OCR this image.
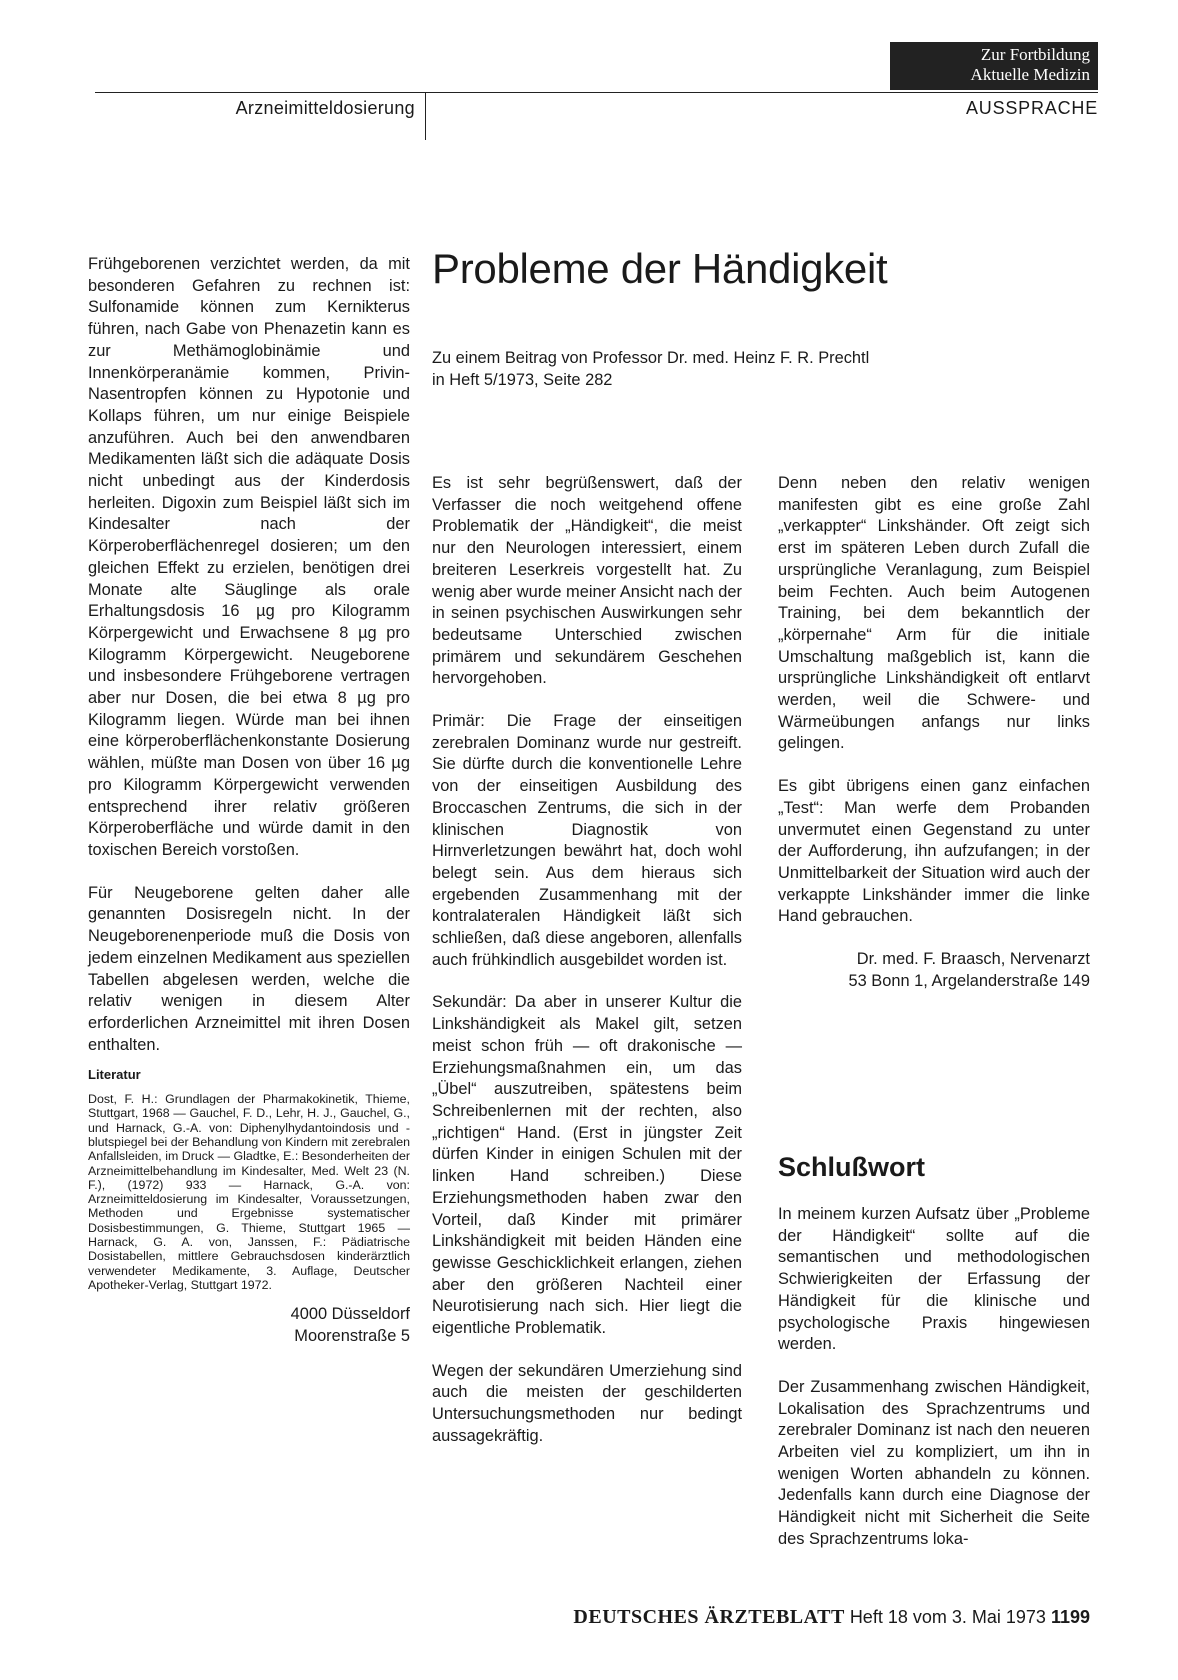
Zur Fortbildung
Aktuelle Medizin
Arzneimitteldosierung	AUSSPRACHE

Frühgeborenen verzichtet werden, da mit besonderen Gefahren zu rechnen ist: Sulfonamide können zum Kernikterus führen, nach Gabe von Phenazetin kann es zur Methämoglobinämie und Innenkörperanämie kommen, Privin-Nasentropfen können zu Hypotonie und Kollaps führen, um nur einige Beispiele anzuführen. Auch bei den anwendbaren Medikamenten läßt sich die adäquate Dosis nicht unbedingt aus der Kinderdosis herleiten. Digoxin zum Beispiel läßt sich im Kindesalter nach der Körperoberflächenregel dosieren; um den gleichen Effekt zu erzielen, benötigen drei Monate alte Säuglinge als orale Erhaltungsdosis 16 µg pro Kilogramm Körpergewicht und Erwachsene 8 µg pro Kilogramm Körpergewicht. Neugeborene und insbesondere Frühgeborene vertragen aber nur Dosen, die bei etwa 8 µg pro Kilogramm liegen. Würde man bei ihnen eine körperoberflächenkonstante Dosierung wählen, müßte man Dosen von über 16 µg pro Kilogramm Körpergewicht verwenden entsprechend ihrer relativ größeren Körperoberfläche und würde damit in den toxischen Bereich vorstoßen.

Für Neugeborene gelten daher alle genannten Dosisregeln nicht. In der Neugeborenenperiode muß die Dosis von jedem einzelnen Medikament aus speziellen Tabellen abgelesen werden, welche die relativ wenigen in diesem Alter erforderlichen Arzneimittel mit ihren Dosen enthalten.

Literatur
Dost, F. H.: Grundlagen der Pharmakokinetik, Thieme, Stuttgart, 1968 — Gauchel, F. D., Lehr, H. J., Gauchel, G., und Harnack, G.-A. von: Diphenylhydantoindosis und -blutspiegel bei der Behandlung von Kindern mit zerebralen Anfallsleiden, im Druck — Gladtke, E.: Besonderheiten der Arzneimittelbehandlung im Kindesalter, Med. Welt 23 (N. F.), (1972) 933 — Harnack, G.-A. von: Arzneimitteldosierung im Kindesalter, Voraussetzungen, Methoden und Ergebnisse systematischer Dosisbestimmungen, G. Thieme, Stuttgart 1965 — Harnack, G. A. von, Janssen, F.: Pädiatrische Dosistabellen, mittlere Gebrauchsdosen kinderärztlich verwendeter Medikamente, 3. Auflage, Deutscher Apotheker-Verlag, Stuttgart 1972.
4000 Düsseldorf
Moorenstraße 5
Probleme der Händigkeit
Zu einem Beitrag von Professor Dr. med. Heinz F. R. Prechtl
in Heft 5/1973, Seite 282

Es ist sehr begrüßenswert, daß der Verfasser die noch weitgehend offene Problematik der „Händigkeit“, die meist nur den Neurologen interessiert, einem breiteren Leserkreis vorgestellt hat. Zu wenig aber wurde meiner Ansicht nach der in seinen psychischen Auswirkungen sehr bedeutsame Unterschied zwischen primärem und sekundärem Geschehen hervorgehoben.

Primär: Die Frage der einseitigen zerebralen Dominanz wurde nur gestreift. Sie dürfte durch die konventionelle Lehre von der einseitigen Ausbildung des Broccaschen Zentrums, die sich in der klinischen Diagnostik von Hirnverletzungen bewährt hat, doch wohl belegt sein. Aus dem hieraus sich ergebenden Zusammenhang mit der kontralateralen Händigkeit läßt sich schließen, daß diese angeboren, allenfalls auch frühkindlich ausgebildet worden ist.

Sekundär: Da aber in unserer Kultur die Linkshändigkeit als Makel gilt, setzen meist schon früh — oft drakonische — Erziehungsmaßnahmen ein, um das „Übel“ auszutreiben, spätestens beim Schreibenlernen mit der rechten, also „richtigen“ Hand. (Erst in jüngster Zeit dürfen Kinder in einigen Schulen mit der linken Hand schreiben.) Diese Erziehungsmethoden haben zwar den Vorteil, daß Kinder mit primärer Linkshändigkeit mit beiden Händen eine gewisse Geschicklichkeit erlangen, ziehen aber den größeren Nachteil einer Neurotisierung nach sich. Hier liegt die eigentliche Problematik.

Wegen der sekundären Umerziehung sind auch die meisten der geschilderten Untersuchungsmethoden nur bedingt aussagekräftig.

Denn neben den relativ wenigen manifesten gibt es eine große Zahl „verkappter“ Linkshänder. Oft zeigt sich erst im späteren Leben durch Zufall die ursprüngliche Veranlagung, zum Beispiel beim Fechten. Auch beim Autogenen Training, bei dem bekanntlich der „körpernahe“ Arm für die initiale Umschaltung maßgeblich ist, kann die ursprüngliche Linkshändigkeit oft entlarvt werden, weil die Schwere- und Wärmeübungen anfangs nur links gelingen.

Es gibt übrigens einen ganz einfachen „Test“: Man werfe dem Probanden unvermutet einen Gegenstand zu unter der Aufforderung, ihn aufzufangen; in der Unmittelbarkeit der Situation wird auch der verkappte Linkshänder immer die linke Hand gebrauchen.

Dr. med. F. Braasch, Nervenarzt
53 Bonn 1, Argelanderstraße 149
Schlußwort

In meinem kurzen Aufsatz über „Probleme der Händigkeit“ sollte auf die semantischen und methodologischen Schwierigkeiten der Erfassung der Händigkeit für die klinische und psychologische Praxis hingewiesen werden.

Der Zusammenhang zwischen Händigkeit, Lokalisation des Sprachzentrums und zerebraler Dominanz ist nach den neueren Arbeiten viel zu kompliziert, um ihn in wenigen Worten abhandeln zu können. Jedenfalls kann durch eine Diagnose der Händigkeit nicht mit Sicherheit die Seite des Sprachzentrums loka-

DEUTSCHES ÄRZTEBLATT Heft 18 vom 3. Mai 1973 1199
